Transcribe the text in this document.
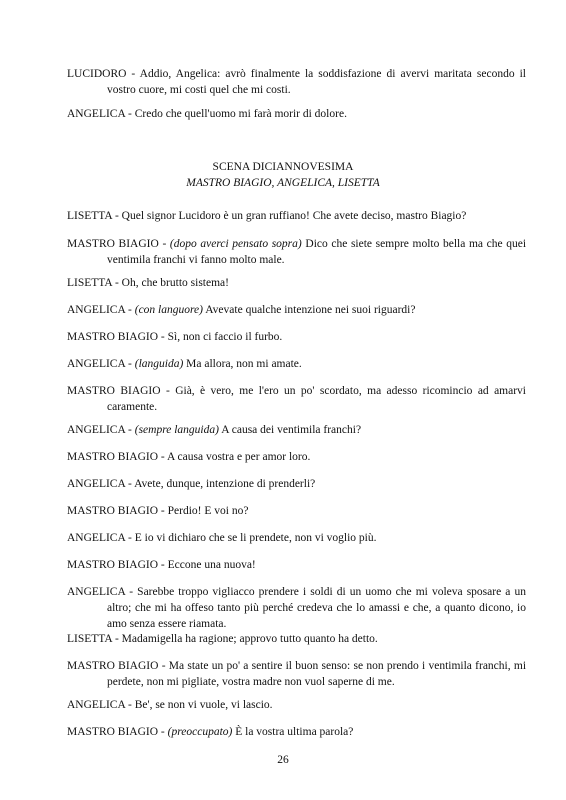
LUCIDORO - Addio, Angelica: avrò finalmente la soddisfazione di avervi maritata secondo il vostro cuore, mi costi quel che mi costi.
ANGELICA - Credo che quell'uomo mi farà morir di dolore.
SCENA DICIANNOVESIMA
MASTRO BIAGIO, ANGELICA, LISETTA
LISETTA - Quel signor Lucidoro è un gran ruffiano! Che avete deciso, mastro Biagio?
MASTRO BIAGIO - (dopo averci pensato sopra) Dico che siete sempre molto bella ma che quei ventimila franchi vi fanno molto male.
LISETTA - Oh, che brutto sistema!
ANGELICA - (con languore) Avevate qualche intenzione nei suoi riguardi?
MASTRO BIAGIO - Sì, non ci faccio il furbo.
ANGELICA - (languida) Ma allora, non mi amate.
MASTRO BIAGIO - Già, è vero, me l'ero un po' scordato, ma adesso ricomincio ad amarvi caramente.
ANGELICA - (sempre languida) A causa dei ventimila franchi?
MASTRO BIAGIO - A causa vostra e per amor loro.
ANGELICA - Avete, dunque, intenzione di prenderli?
MASTRO BIAGIO - Perdio! E voi no?
ANGELICA - E io vi dichiaro che se li prendete, non vi voglio più.
MASTRO BIAGIO - Eccone una nuova!
ANGELICA - Sarebbe troppo vigliacco prendere i soldi di un uomo che mi voleva sposare a un altro; che mi ha offeso tanto più perché credeva che lo amassi e che, a quanto dicono, io amo senza essere riamata.
LISETTA - Madamigella ha ragione; approvo tutto quanto ha detto.
MASTRO BIAGIO - Ma state un po' a sentire il buon senso: se non prendo i ventimila franchi, mi perdete, non mi pigliate, vostra madre non vuol saperne di me.
ANGELICA - Be', se non vi vuole, vi lascio.
MASTRO BIAGIO - (preoccupato) È la vostra ultima parola?
26
